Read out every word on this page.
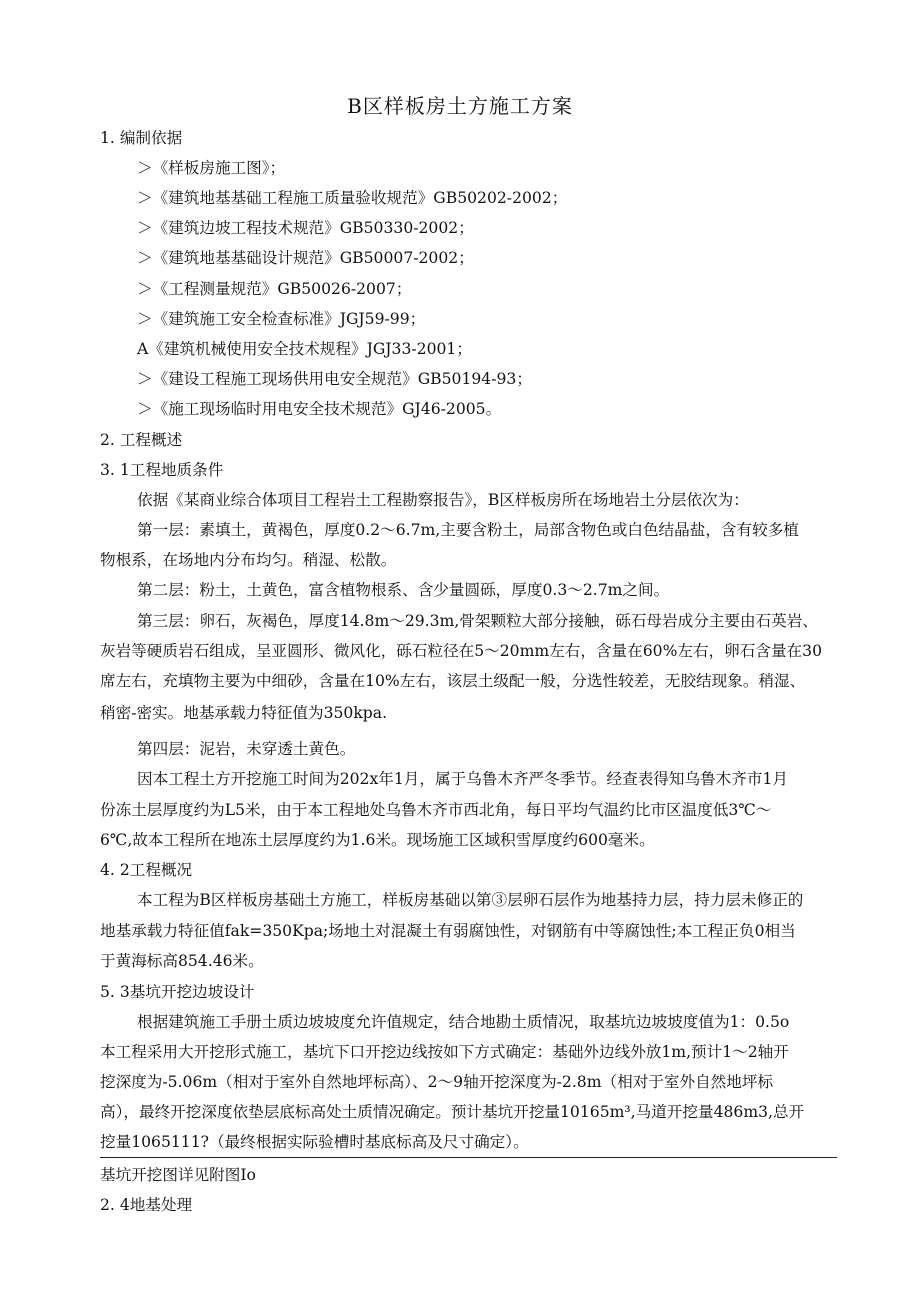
B区样板房土方施工方案
1. 编制依据
＞《样板房施工图》；
＞《建筑地基基础工程施工质量验收规范》GB50202-2002；
＞《建筑边坡工程技术规范》GB50330-2002；
＞《建筑地基基础设计规范》GB50007-2002；
＞《工程测量规范》GB50026-2007；
＞《建筑施工安全检查标准》JGJ59-99；
A《建筑机械使用安全技术规程》JGJ33-2001；
＞《建设工程施工现场供用电安全规范》GB50194-93；
＞《施工现场临时用电安全技术规范》GJ46-2005。
2. 工程概述
3. 1工程地质条件
依据《某商业综合体项目工程岩土工程勘察报告》，B区样板房所在场地岩土分层依次为：
第一层：素填土，黄褐色，厚度0.2～6.7m,主要含粉土，局部含物色或白色结晶盐，含有较多植
物根系，在场地内分布均匀。稍湿、松散。
第二层：粉土，土黄色，富含植物根系、含少量圆砾，厚度0.3～2.7m之间。
第三层：卵石，灰褐色，厚度14.8m～29.3m,骨架颗粒大部分接触，砾石母岩成分主要由石英岩、
灰岩等硬质岩石组成，呈亚圆形、微风化，砾石粒径在5～20mm左右，含量在60%左右，卵石含量在30
席左右，充填物主要为中细砂，含量在10%左右，该层土级配一般，分选性较差，无胶结现象。稍湿、
稍密-密实。地基承载力特征值为350kpa.
第四层：泥岩，未穿透土黄色。
因本工程土方开挖施工时间为202x年1月，属于乌鲁木齐严冬季节。经查表得知乌鲁木齐市1月
份冻土层厚度约为L5米，由于本工程地处乌鲁木齐市西北角，每日平均气温约比市区温度低3℃～
6℃,故本工程所在地冻土层厚度约为1.6米。现场施工区域积雪厚度约600毫米。
4. 2工程概况
本工程为B区样板房基础土方施工，样板房基础以第③层卵石层作为地基持力层，持力层未修正的
地基承载力特征值fak=350Kpa;场地土对混凝土有弱腐蚀性，对钢筋有中等腐蚀性;本工程正负0相当
于黄海标高854.46米。
5. 3基坑开挖边坡设计
根据建筑施工手册土质边坡坡度允许值规定，结合地勘土质情况，取基坑边坡坡度值为1：0.5o
本工程采用大开挖形式施工，基坑下口开挖边线按如下方式确定：基础外边线外放1m,预计1～2轴开
挖深度为-5.06m（相对于室外自然地坪标高）、2～9轴开挖深度为-2.8m（相对于室外自然地坪标
高），最终开挖深度依垫层底标高处土质情况确定。预计基坑开挖量10165m³,马道开挖量486m3,总开
挖量1065111?（最终根据实际验槽时基底标高及尺寸确定）。
基坑开挖图详见附图Io
2. 4地基处理
